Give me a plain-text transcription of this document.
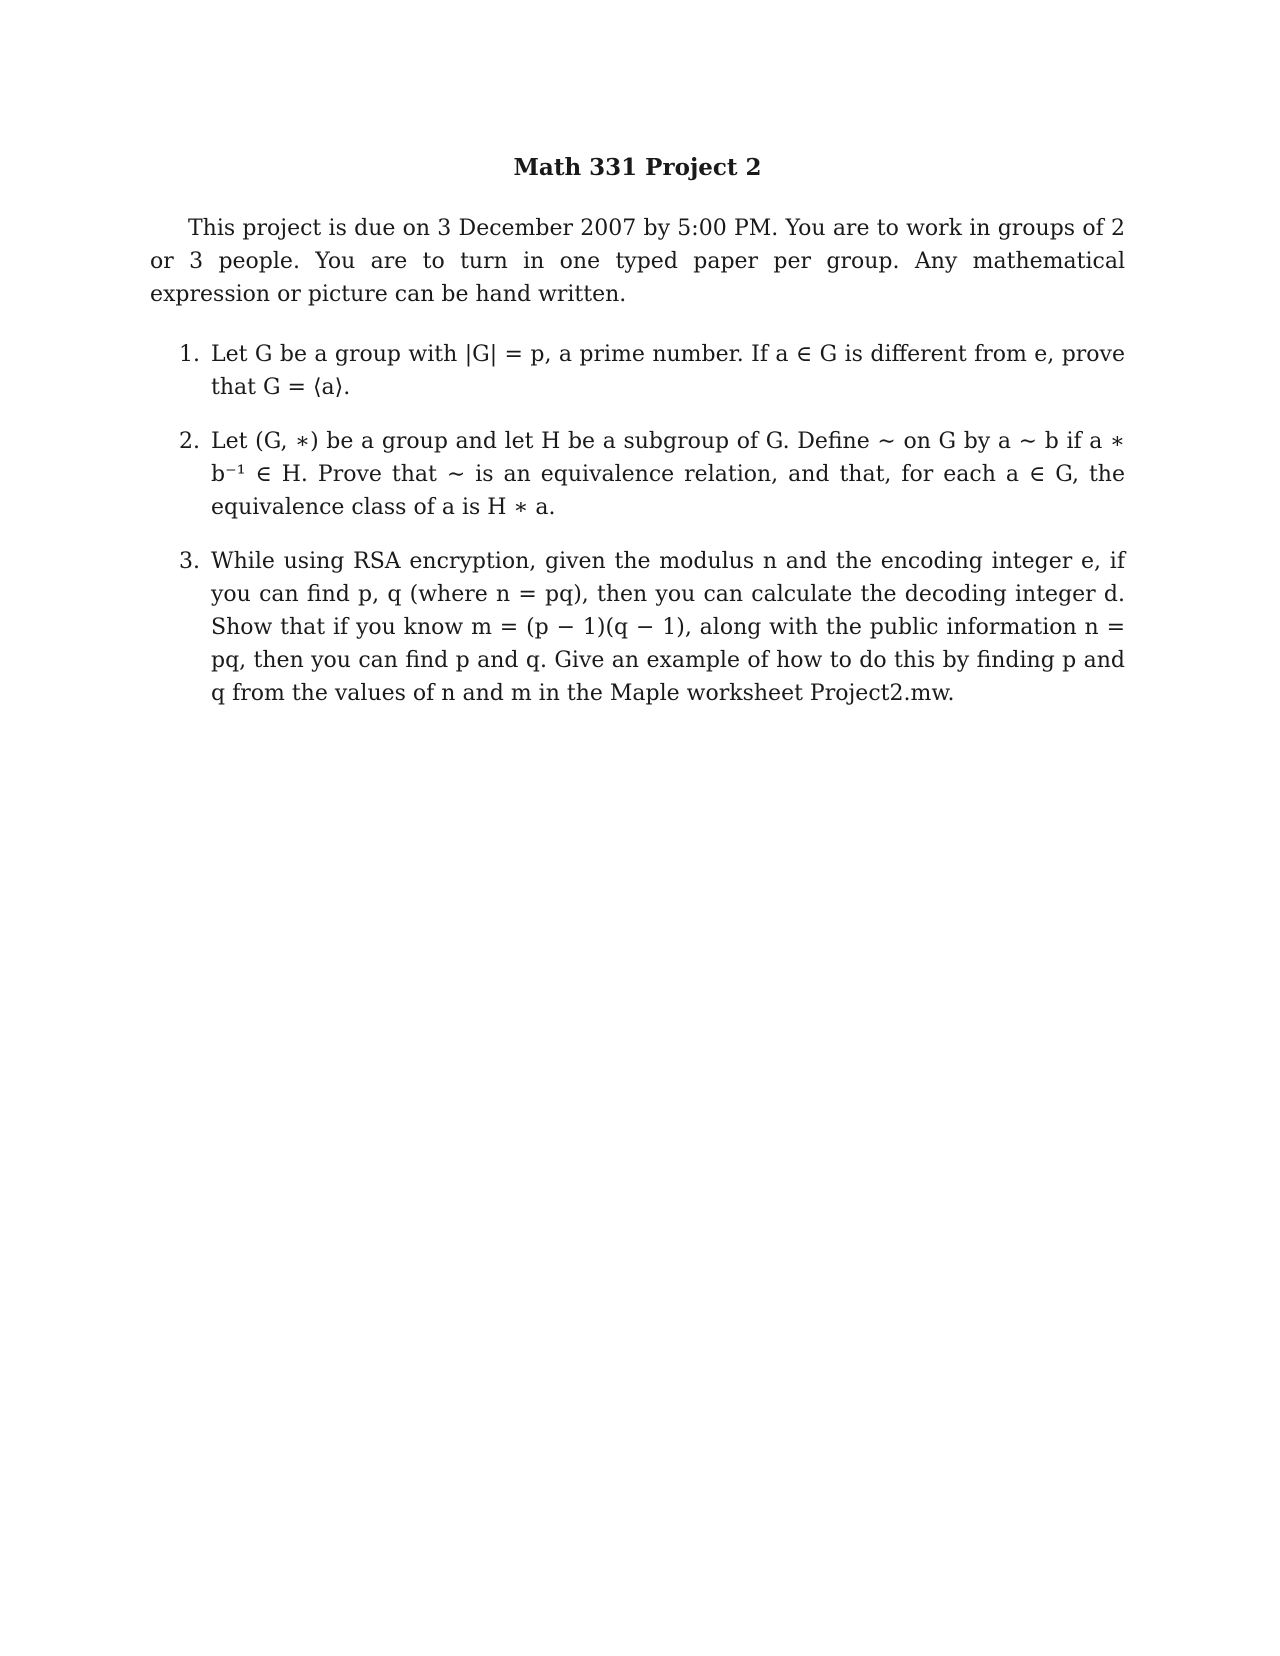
Math 331 Project 2

This project is due on 3 December 2007 by 5:00 PM. You are to work in groups of 2 or 3 people. You are to turn in one typed paper per group. Any mathematical expression or picture can be hand written.

1. Let G be a group with |G| = p, a prime number. If a ∈ G is different from e, prove that G = ⟨a⟩.

2. Let (G, ∗) be a group and let H be a subgroup of G. Define ∼ on G by a ∼ b if a ∗ b⁻¹ ∈ H. Prove that ∼ is an equivalence relation, and that, for each a ∈ G, the equivalence class of a is H ∗ a.

3. While using RSA encryption, given the modulus n and the encoding integer e, if you can find p, q (where n = pq), then you can calculate the decoding integer d. Show that if you know m = (p − 1)(q − 1), along with the public information n = pq, then you can find p and q. Give an example of how to do this by finding p and q from the values of n and m in the Maple worksheet Project2.mw.
